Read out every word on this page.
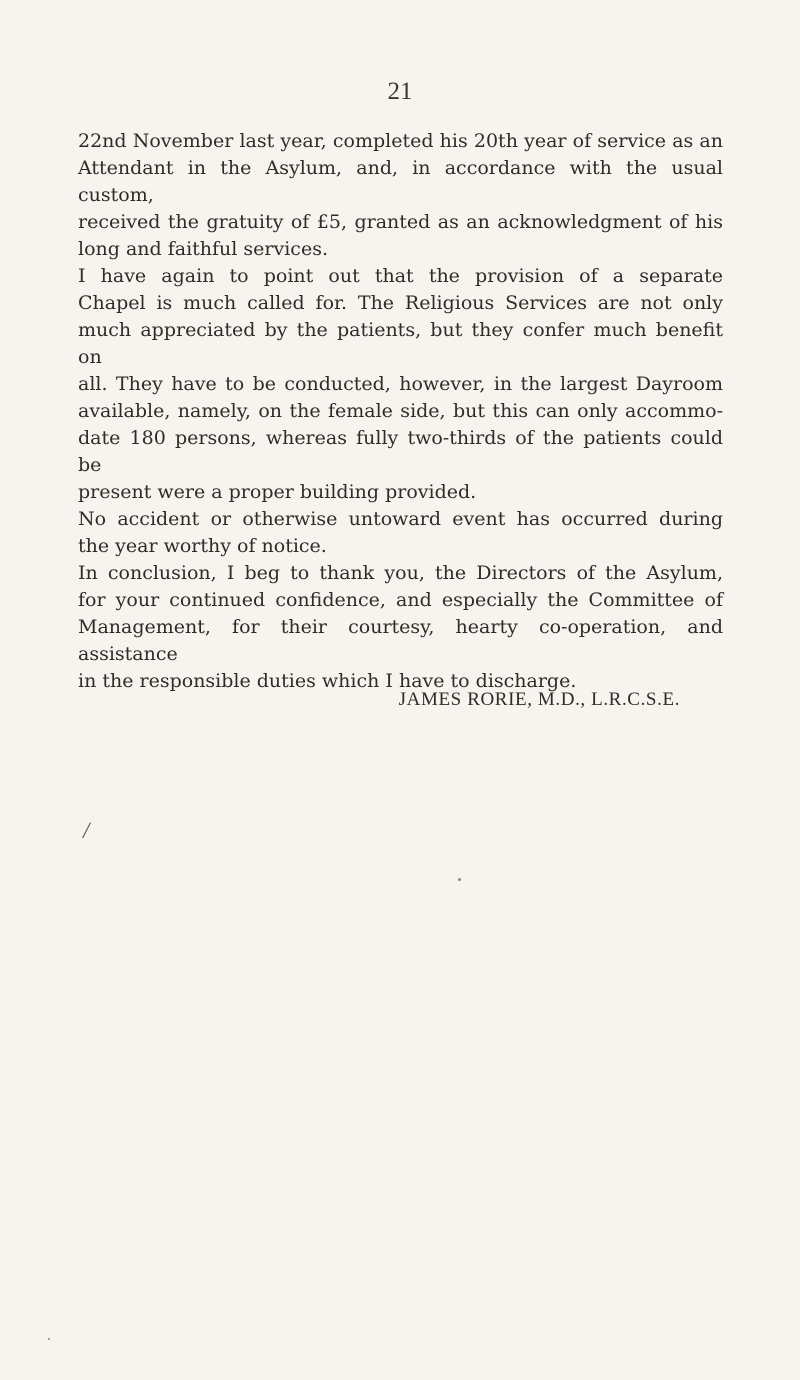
21

22nd November last year, completed his 20th year of service as an
Attendant in the Asylum, and, in accordance with the usual custom,
received the gratuity of £5, granted as an acknowledgment of his
long and faithful services.

I have again to point out that the provision of a separate
Chapel is much called for. The Religious Services are not only
much appreciated by the patients, but they confer much benefit on
all. They have to be conducted, however, in the largest Dayroom
available, namely, on the female side, but this can only accommo-
date 180 persons, whereas fully two-thirds of the patients could be
present were a proper building provided.

No accident or otherwise untoward event has occurred during
the year worthy of notice.

In conclusion, I beg to thank you, the Directors of the Asylum,
for your continued confidence, and especially the Committee of
Management, for their courtesy, hearty co-operation, and assistance
in the responsible duties which I have to discharge.

JAMES RORIE, M.D., L.R.C.S.E.
/
